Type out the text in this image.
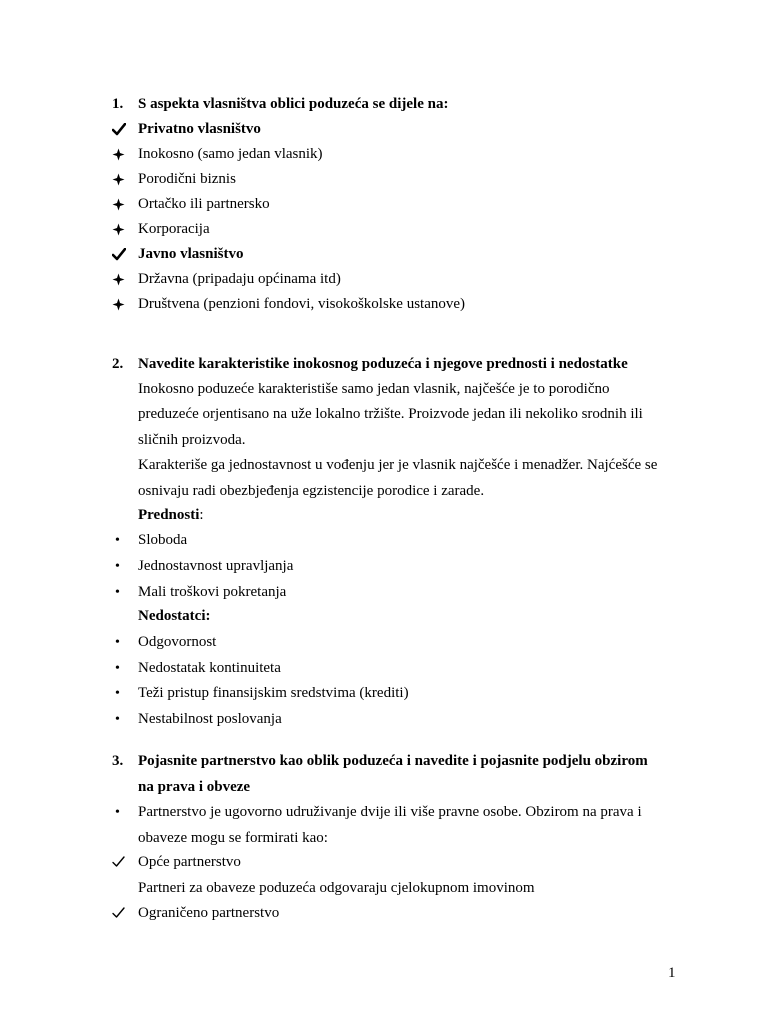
1. S aspekta vlasništva oblici poduzeća se dijele na:
Privatno vlasništvo
Inokosno (samo jedan vlasnik)
Porodični biznis
Ortačko ili partnersko
Korporacija
Javno vlasništvo
Državna (pripadaju općinama itd)
Društvena (penzioni fondovi, visokoškolske ustanove)
2. Navedite karakteristike inokosnog poduzeća i njegove prednosti i nedostatke
Inokosno poduzeće karakteristiše samo jedan vlasnik, najčešće je to porodično
preduzeće orjentisano na uže lokalno tržište. Proizvode jedan ili nekoliko srodnih ili
sličnih proizvoda.
Karakteriše ga jednostavnost u vođenju jer je vlasnik najčešće i menadžer. Najćešće se
osnivaju radi obezbjeđenja egzistencije porodice i zarade.
Prednosti:
•	Sloboda
•	Jednostavnost upravljanja
•	Mali troškovi pokretanja
Nedostatci:
•	Odgovornost
•	Nedostatak kontinuiteta
•	Teži pristup finansijskim sredstvima (krediti)
•	Nestabilnost poslovanja
3. Pojasnite partnerstvo kao oblik poduzeća i navedite i pojasnite podjelu obzirom
na prava i obveze
•	Partnerstvo je ugovorno udruživanje dvije ili više pravne osobe. Obzirom na prava i
obaveze mogu se formirati kao:
Opće partnerstvo
Partneri za obaveze poduzeća odgovaraju cjelokupnom imovinom
Ograničeno partnerstvo
1
